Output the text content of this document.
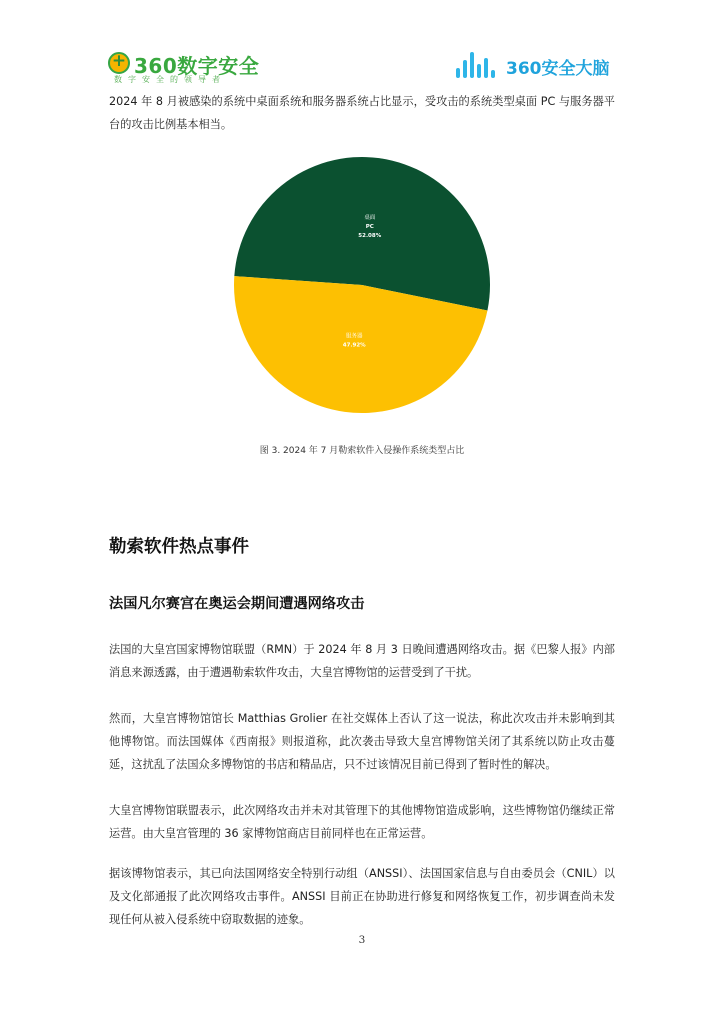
+
360数字安全
数字安全的领导者
360安全大脑
2024 年 8 月被感染的系统中桌面系统和服务器系统占比显示，受攻击的系统类型桌面 PC 与服务器平台的攻击比例基本相当。
桌面
PC
52.08%
服务器
47.92%
图 3. 2024 年 7 月勒索软件入侵操作系统类型占比
勒索软件热点事件
法国凡尔赛宫在奥运会期间遭遇网络攻击
法国的大皇宫国家博物馆联盟（RMN）于 2024 年 8 月 3 日晚间遭遇网络攻击。据《巴黎人报》内部消息来源透露，由于遭遇勒索软件攻击，大皇宫博物馆的运营受到了干扰。
然而，大皇宫博物馆馆长 Matthias Grolier 在社交媒体上否认了这一说法，称此次攻击并未影响到其他博物馆。而法国媒体《西南报》则报道称，此次袭击导致大皇宫博物馆关闭了其系统以防止攻击蔓延，这扰乱了法国众多博物馆的书店和精品店，只不过该情况目前已得到了暂时性的解决。
大皇宫博物馆联盟表示，此次网络攻击并未对其管理下的其他博物馆造成影响，这些博物馆仍继续正常运营。由大皇宫管理的 36 家博物馆商店目前同样也在正常运营。
据该博物馆表示，其已向法国网络安全特别行动组（ANSSI）、法国国家信息与自由委员会（CNIL）以及文化部通报了此次网络攻击事件。ANSSI 目前正在协助进行修复和网络恢复工作，初步调查尚未发现任何从被入侵系统中窃取数据的迹象。
3
